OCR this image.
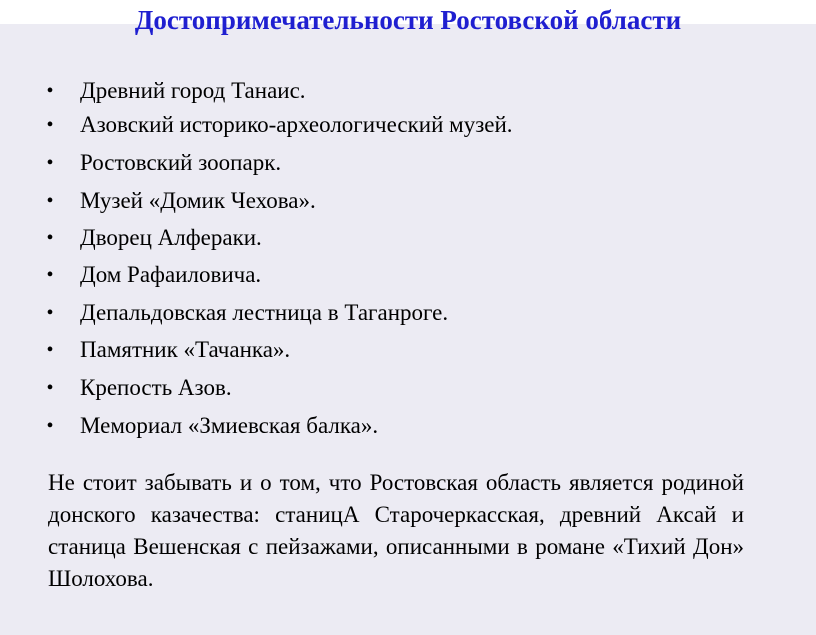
Достопримечательности Ростовской области
• Древний город Танаис.
• Азовский историко-археологический музей.
• Ростовский зоопарк.
• Музей «Домик Чехова».
• Дворец Алфераки.
• Дом Рафаиловича.
• Депальдовская лестница в Таганроге.
• Памятник «Тачанка».
• Крепость Азов.
• Мемориал «Змиевская балка».

Не стоит забывать и о том, что Ростовская область является родиной донского казачества: станицА Старочеркасская, древний Аксай и станица Вешенская с пейзажами, описанными в романе «Тихий Дон» Шолохова.
